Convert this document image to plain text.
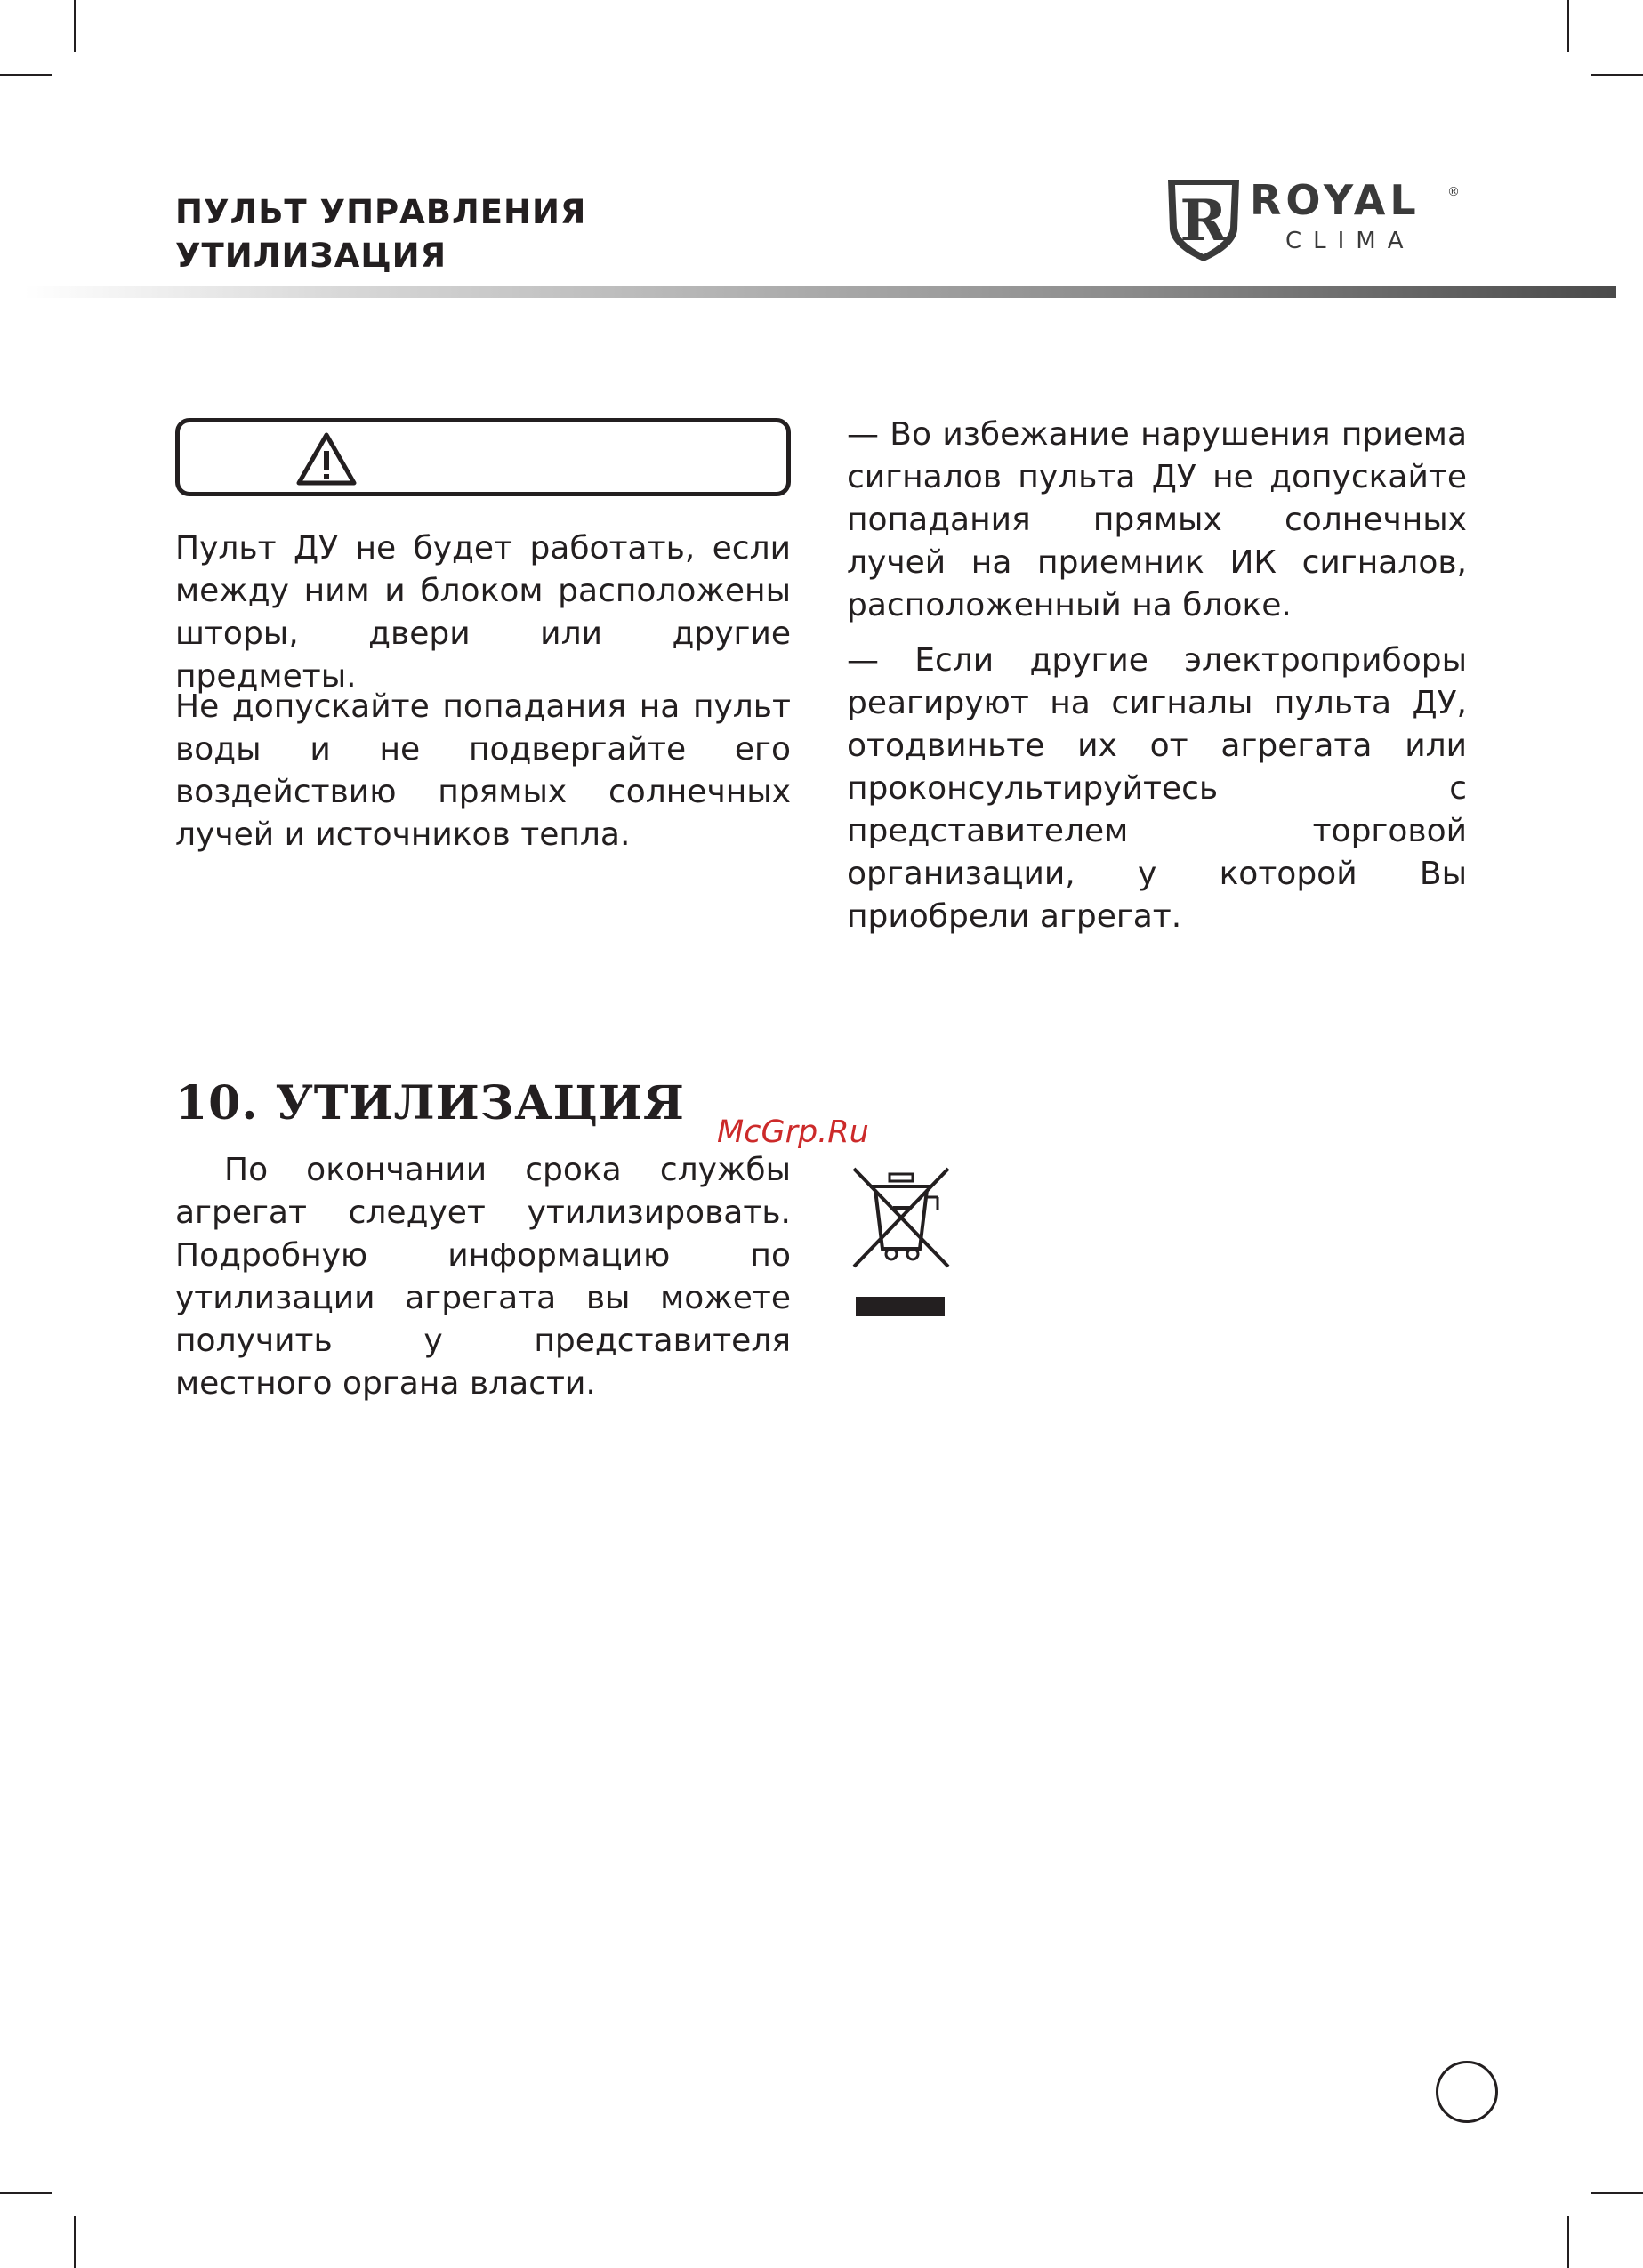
ПУЛЬТ УПРАВЛЕНИЯ
УТИЛИЗАЦИЯ
R ROYAL ®
CLIMA

Пульт ДУ не будет работать, если между ним и блоком расположены шторы, двери или другие предметы.

Не допускайте попадания на пульт воды и не подвергайте его воздействию прямых солнечных лучей и источников тепла.

— Во избежание нарушения приема сигналов пульта ДУ не допускайте попадания прямых солнечных лучей на приемник ИК сигналов, расположенный на блоке.

— Если другие электроприборы реагируют на сигналы пульта ДУ, отодвиньте их от агрегата или проконсультируйтесь с представителем торговой организации, у которой Вы приобрели агрегат.

10. УТИЛИЗАЦИЯ
McGrp.Ru

По окончании срока службы агрегат следует утилизировать. Подробную информацию по утилизации агрегата вы можете получить у представителя местного органа власти.
